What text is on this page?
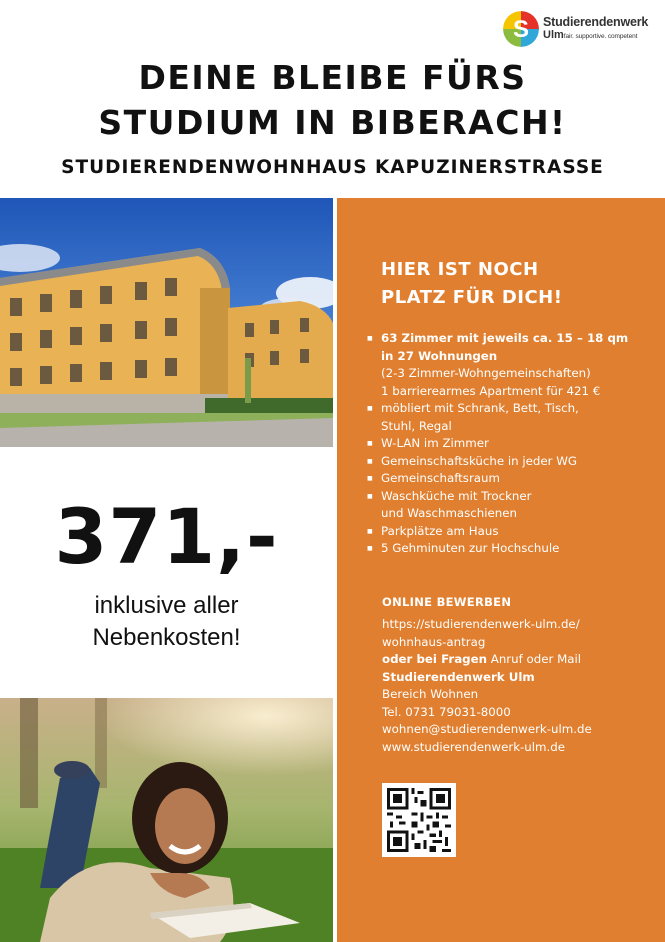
S Studierendenwerk
Ulmfair. supportive. competent
DEINE BLEIBE FÜRS
STUDIUM IN BIBERACH!
STUDIERENDENWOHNHAUS KAPUZINERSTRASSE
371,-
inklusive aller
Nebenkosten!
HIER IST NOCH
PLATZ FÜR DICH!
■ 63 Zimmer mit jeweils ca. 15 – 18 qm
in 27 Wohnungen
(2-3 Zimmer-Wohngemeinschaften)
1 barrierearmes Apartment für 421 €
■ möbliert mit Schrank, Bett, Tisch,
Stuhl, Regal
■ W-LAN im Zimmer
■ Gemeinschaftsküche in jeder WG
■ Gemeinschaftsraum
■ Waschküche mit Trockner
und Waschmaschienen
■ Parkplätze am Haus
■ 5 Gehminuten zur Hochschule
ONLINE BEWERBEN
https://studierendenwerk-ulm.de/
wohnhaus-antrag
oder bei Fragen Anruf oder Mail
Studierendenwerk Ulm
Bereich Wohnen
Tel. 0731 79031-8000
wohnen@studierendenwerk-ulm.de
www.studierendenwerk-ulm.de
